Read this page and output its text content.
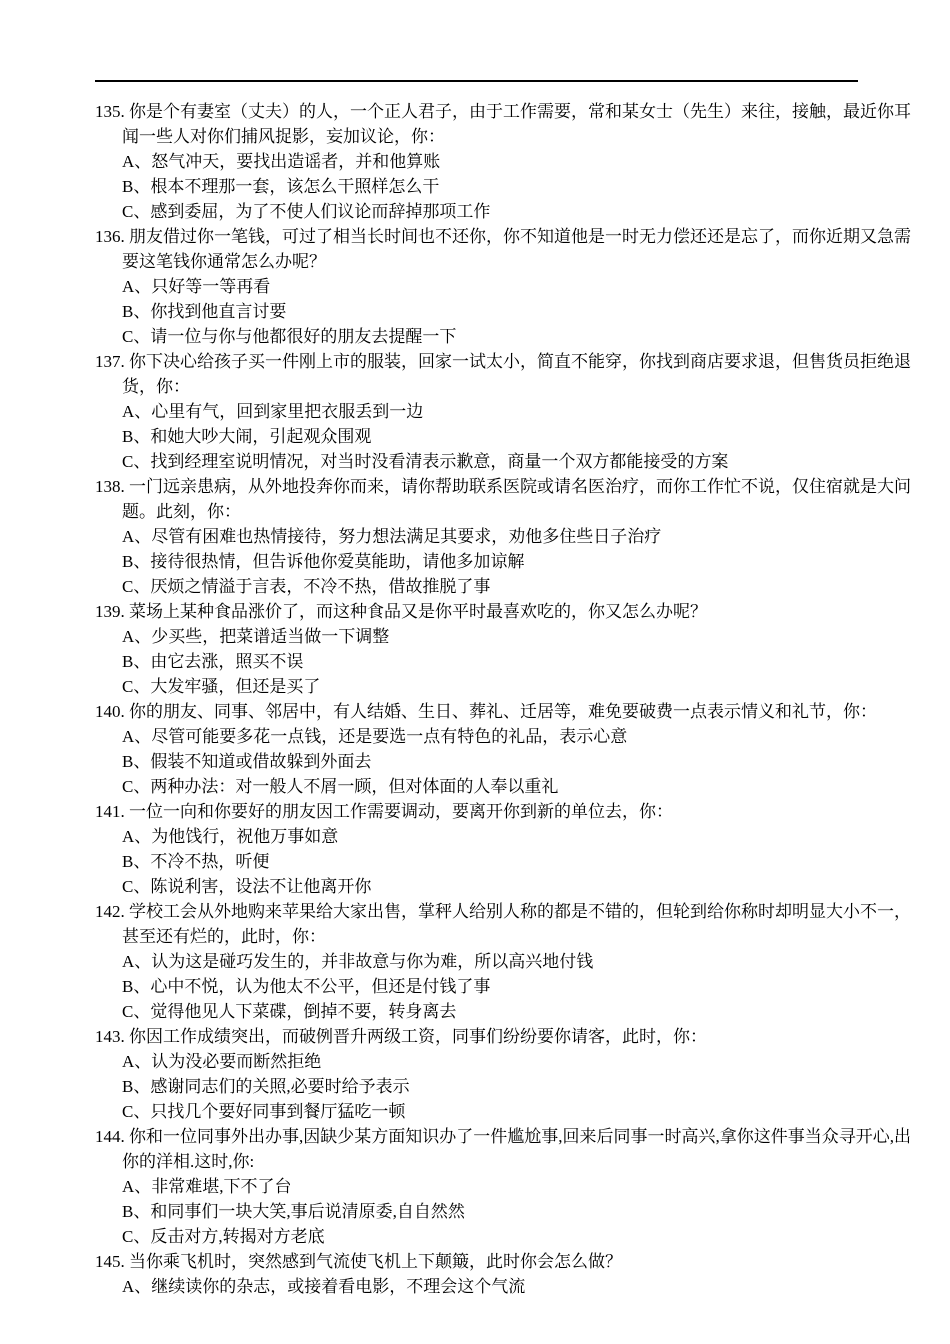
135. 你是个有妻室（丈夫）的人，一个正人君子，由于工作需要，常和某女士（先生）来往，接触，最近你耳闻一些人对你们捕风捉影，妄加议论，你：

A、怒气冲天，要找出造谣者，并和他算账

B、根本不理那一套，该怎么干照样怎么干

C、感到委屈，为了不使人们议论而辞掉那项工作

136. 朋友借过你一笔钱，可过了相当长时间也不还你，你不知道他是一时无力偿还还是忘了，而你近期又急需要这笔钱你通常怎么办呢？

A、只好等一等再看

B、你找到他直言讨要

C、请一位与你与他都很好的朋友去提醒一下

137. 你下决心给孩子买一件刚上市的服装，回家一试太小，简直不能穿，你找到商店要求退，但售货员拒绝退货，你：

A、心里有气，回到家里把衣服丢到一边

B、和她大吵大闹，引起观众围观

C、找到经理室说明情况，对当时没看清表示歉意，商量一个双方都能接受的方案

138. 一门远亲患病，从外地投奔你而来，请你帮助联系医院或请名医治疗，而你工作忙不说，仅住宿就是大问题。此刻，你：

A、尽管有困难也热情接待，努力想法满足其要求，劝他多住些日子治疗

B、接待很热情，但告诉他你爱莫能助，请他多加谅解

C、厌烦之情溢于言表，不冷不热，借故推脱了事

139. 菜场上某种食品涨价了，而这种食品又是你平时最喜欢吃的，你又怎么办呢？

A、少买些，把菜谱适当做一下调整

B、由它去涨，照买不误

C、大发牢骚，但还是买了

140. 你的朋友、同事、邻居中，有人结婚、生日、葬礼、迁居等，难免要破费一点表示情义和礼节，你：

A、尽管可能要多花一点钱，还是要选一点有特色的礼品，表示心意

B、假装不知道或借故躲到外面去

C、两种办法：对一般人不屑一顾，但对体面的人奉以重礼

141. 一位一向和你要好的朋友因工作需要调动，要离开你到新的单位去，你：

A、为他饯行，祝他万事如意

B、不冷不热，听便

C、陈说利害，设法不让他离开你

142. 学校工会从外地购来苹果给大家出售，掌秤人给别人称的都是不错的，但轮到给你称时却明显大小不一，甚至还有烂的，此时，你：

A、认为这是碰巧发生的，并非故意与你为难，所以高兴地付钱

B、心中不悦，认为他太不公平，但还是付钱了事

C、觉得他见人下菜碟，倒掉不要，转身离去

143. 你因工作成绩突出，而破例晋升两级工资，同事们纷纷要你请客，此时，你：

A、认为没必要而断然拒绝

B、感谢同志们的关照,必要时给予表示

C、只找几个要好同事到餐厅猛吃一顿

144. 你和一位同事外出办事,因缺少某方面知识办了一件尴尬事,回来后同事一时高兴,拿你这件事当众寻开心,出你的洋相.这时,你:

A、非常难堪,下不了台

B、和同事们一块大笑,事后说清原委,自自然然

C、反击对方,转揭对方老底

145. 当你乘飞机时，突然感到气流使飞机上下颠簸，此时你会怎么做？

A、继续读你的杂志，或接着看电影，不理会这个气流
